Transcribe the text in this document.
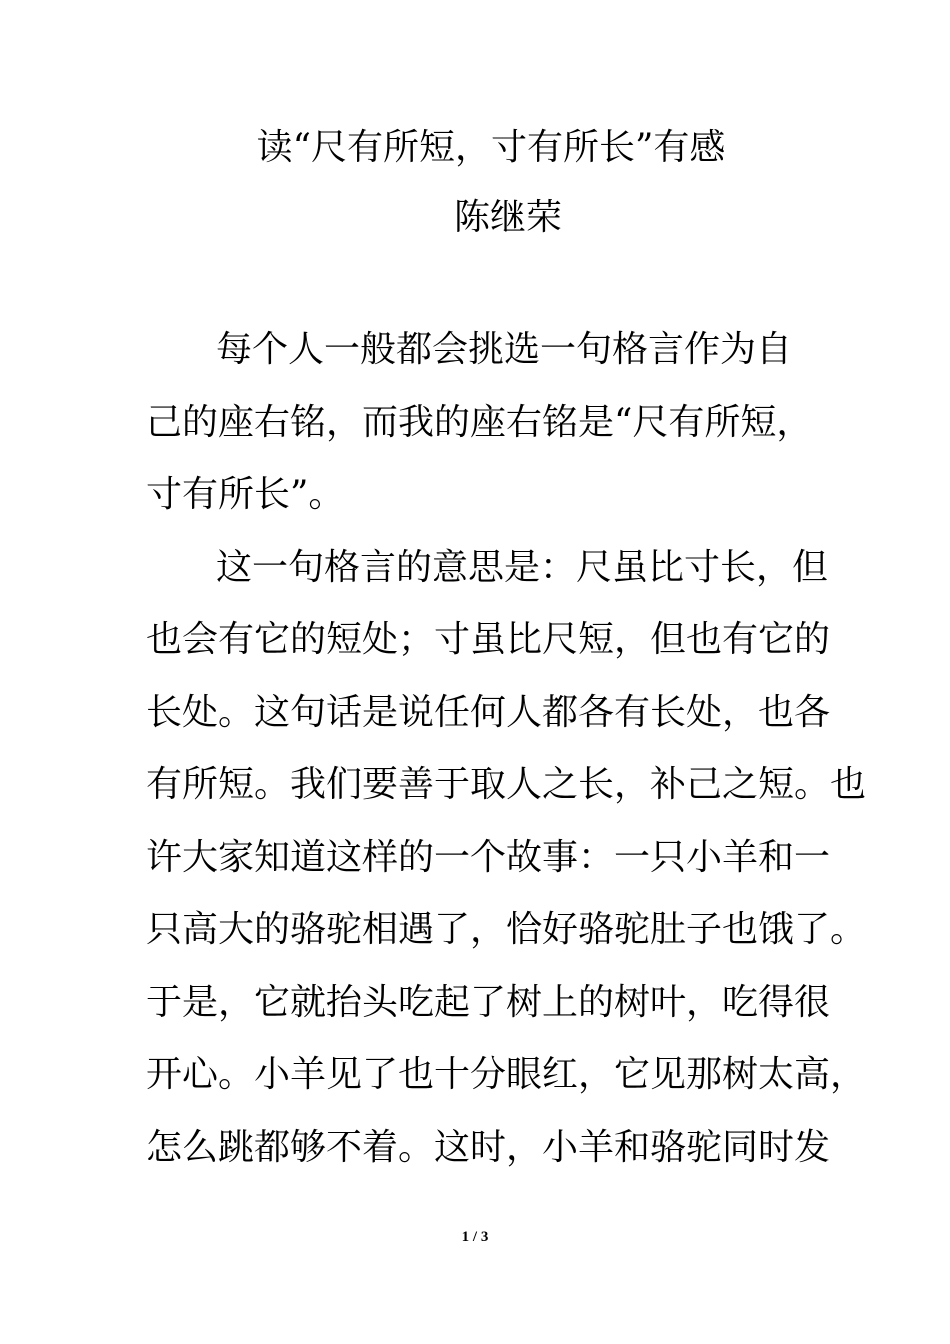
读“尺有所短，寸有所长”有感
陈继荣
每个人一般都会挑选一句格言作为自
己的座右铭，而我的座右铭是“尺有所短，
寸有所长”。
这一句格言的意思是：尺虽比寸长，但
也会有它的短处；寸虽比尺短，但也有它的
长处。这句话是说任何人都各有长处，也各
有所短。我们要善于取人之长，补己之短。也
许大家知道这样的一个故事：一只小羊和一
只高大的骆驼相遇了，恰好骆驼肚子也饿了。
于是，它就抬头吃起了树上的树叶，吃得很
开心。小羊见了也十分眼红，它见那树太高，
怎么跳都够不着。这时，小羊和骆驼同时发
1 / 3
